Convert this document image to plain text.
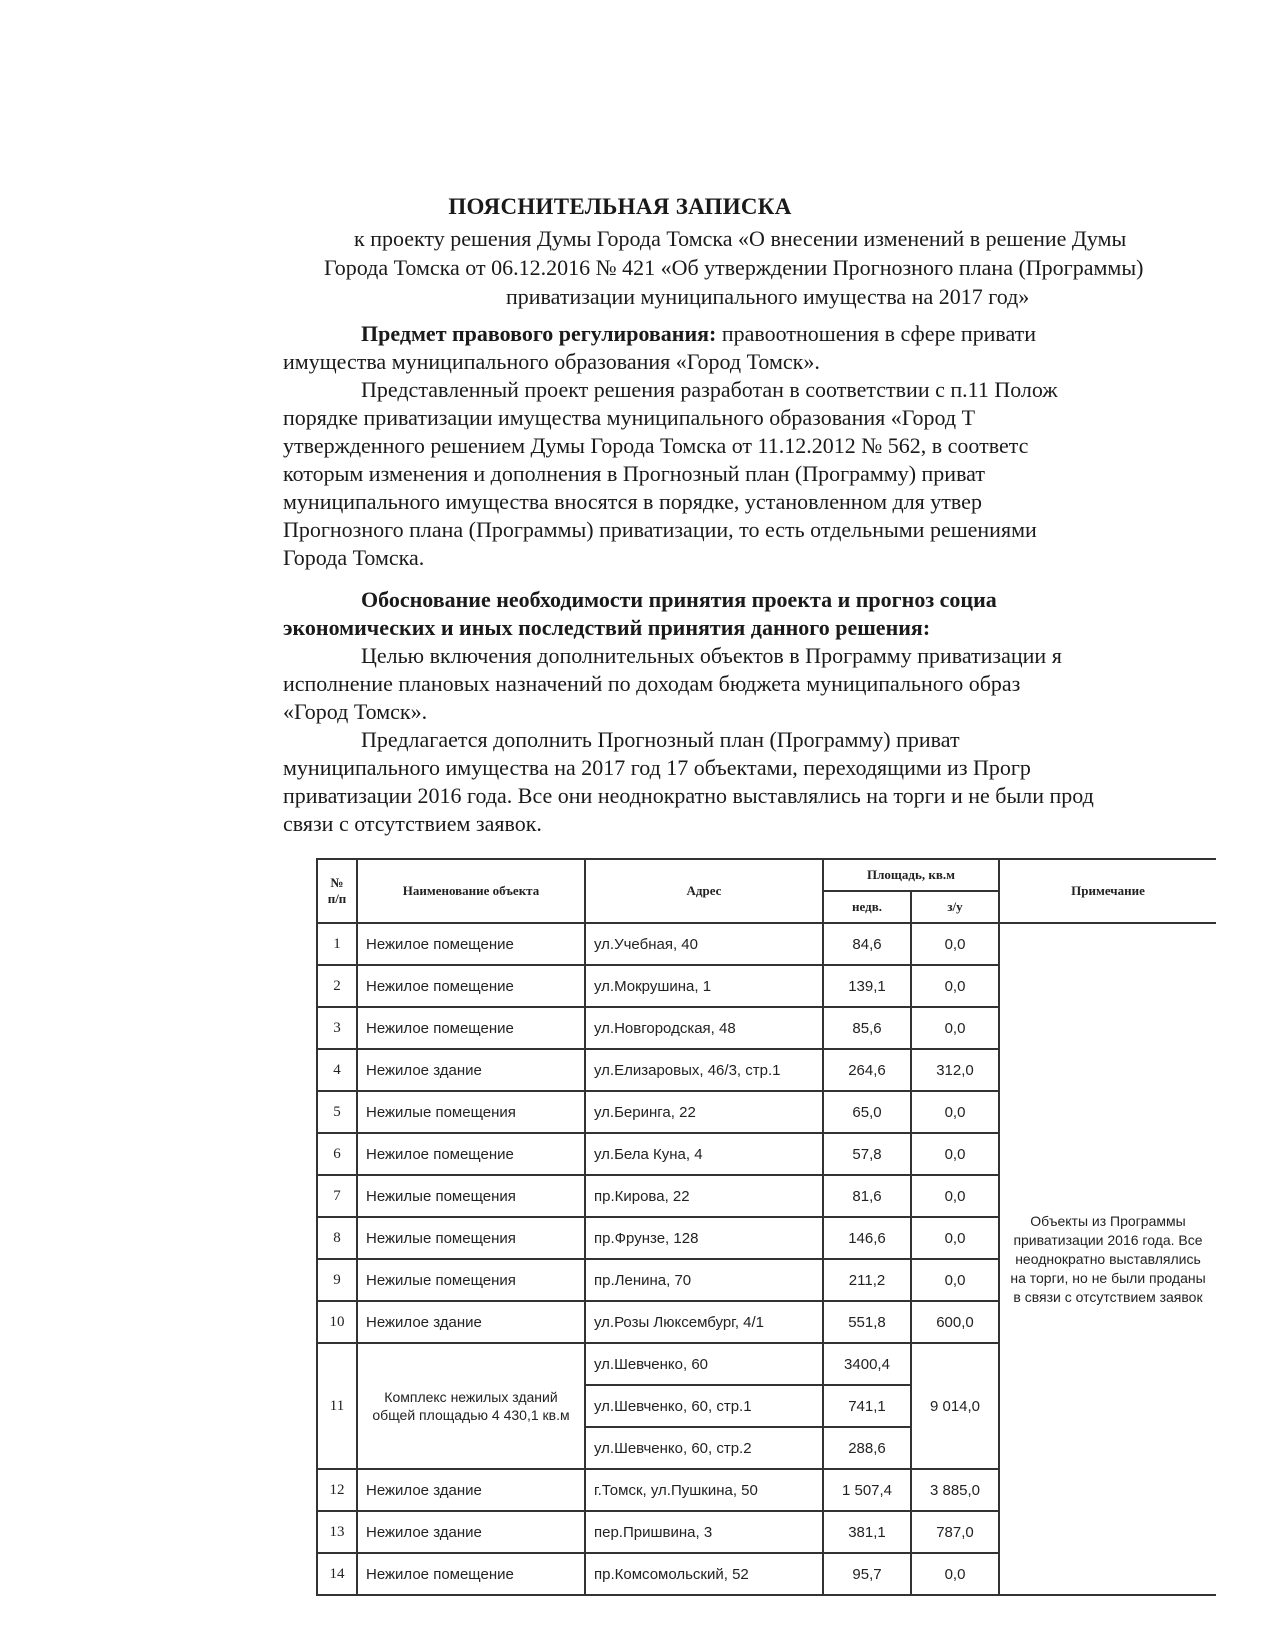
ПОЯСНИТЕЛЬНАЯ ЗАПИСКА
к проекту решения Думы Города Томска «О внесении изменений в решение Думы
Города Томска от 06.12.2016 № 421 «Об утверждении Прогнозного плана (Программы)
приватизации муниципального имущества на 2017 год»
Предмет правового регулирования: правоотношения в сфере привати
имущества муниципального образования «Город Томск».
Представленный проект решения разработан в соответствии с п.11 Полож
порядке приватизации имущества муниципального образования «Город Т
утвержденного решением Думы Города Томска от 11.12.2012 № 562, в соответс
которым изменения и дополнения в Прогнозный план (Программу) приват
муниципального имущества вносятся в порядке, установленном для утвер
Прогнозного плана (Программы) приватизации, то есть отдельными решениями
Города Томска.
Обоснование необходимости принятия проекта и прогноз социа
экономических и иных последствий принятия данного решения:
Целью включения дополнительных объектов в Программу приватизации я
исполнение плановых назначений по доходам бюджета муниципального образ
«Город Томск».
Предлагается дополнить Прогнозный план (Программу) приват
муниципального имущества на 2017 год 17 объектами, переходящими из Прогр
приватизации 2016 года. Все они неоднократно выставлялись на торги и не были прод
связи с отсутствием заявок.
№ п/п	Наименование объекта	Адрес	Площадь, кв.м		Примечание
			недв.	з/у	
1	Нежилое помещение	ул.Учебная, 40	84,6	0,0	Объекты из Программы приватизации 2016 года. Все неоднократно выставлялись на торги, но не были проданы в связи с отсутствием заявок
2	Нежилое помещение	ул.Мокрушина, 1	139,1	0,0	
3	Нежилое помещение	ул.Новгородская, 48	85,6	0,0	
4	Нежилое здание	ул.Елизаровых, 46/3, стр.1	264,6	312,0	
5	Нежилые помещения	ул.Беринга, 22	65,0	0,0	
6	Нежилое помещение	ул.Бела Куна, 4	57,8	0,0	
7	Нежилые помещения	пр.Кирова, 22	81,6	0,0	
8	Нежилые помещения	пр.Фрунзе, 128	146,6	0,0	
9	Нежилые помещения	пр.Ленина, 70	211,2	0,0	
10	Нежилое здание	ул.Розы Люксембург, 4/1	551,8	600,0	
11	Комплекс нежилых зданий общей площадью 4 430,1 кв.м	ул.Шевченко, 60	3400,4	9 014,0	
		ул.Шевченко, 60, стр.1	741,1		
		ул.Шевченко, 60, стр.2	288,6		
12	Нежилое здание	г.Томск, ул.Пушкина, 50	1 507,4	3 885,0	
13	Нежилое здание	пер.Пришвина, 3	381,1	787,0	
14	Нежилое помещение	пр.Комсомольский, 52	95,7	0,0	
